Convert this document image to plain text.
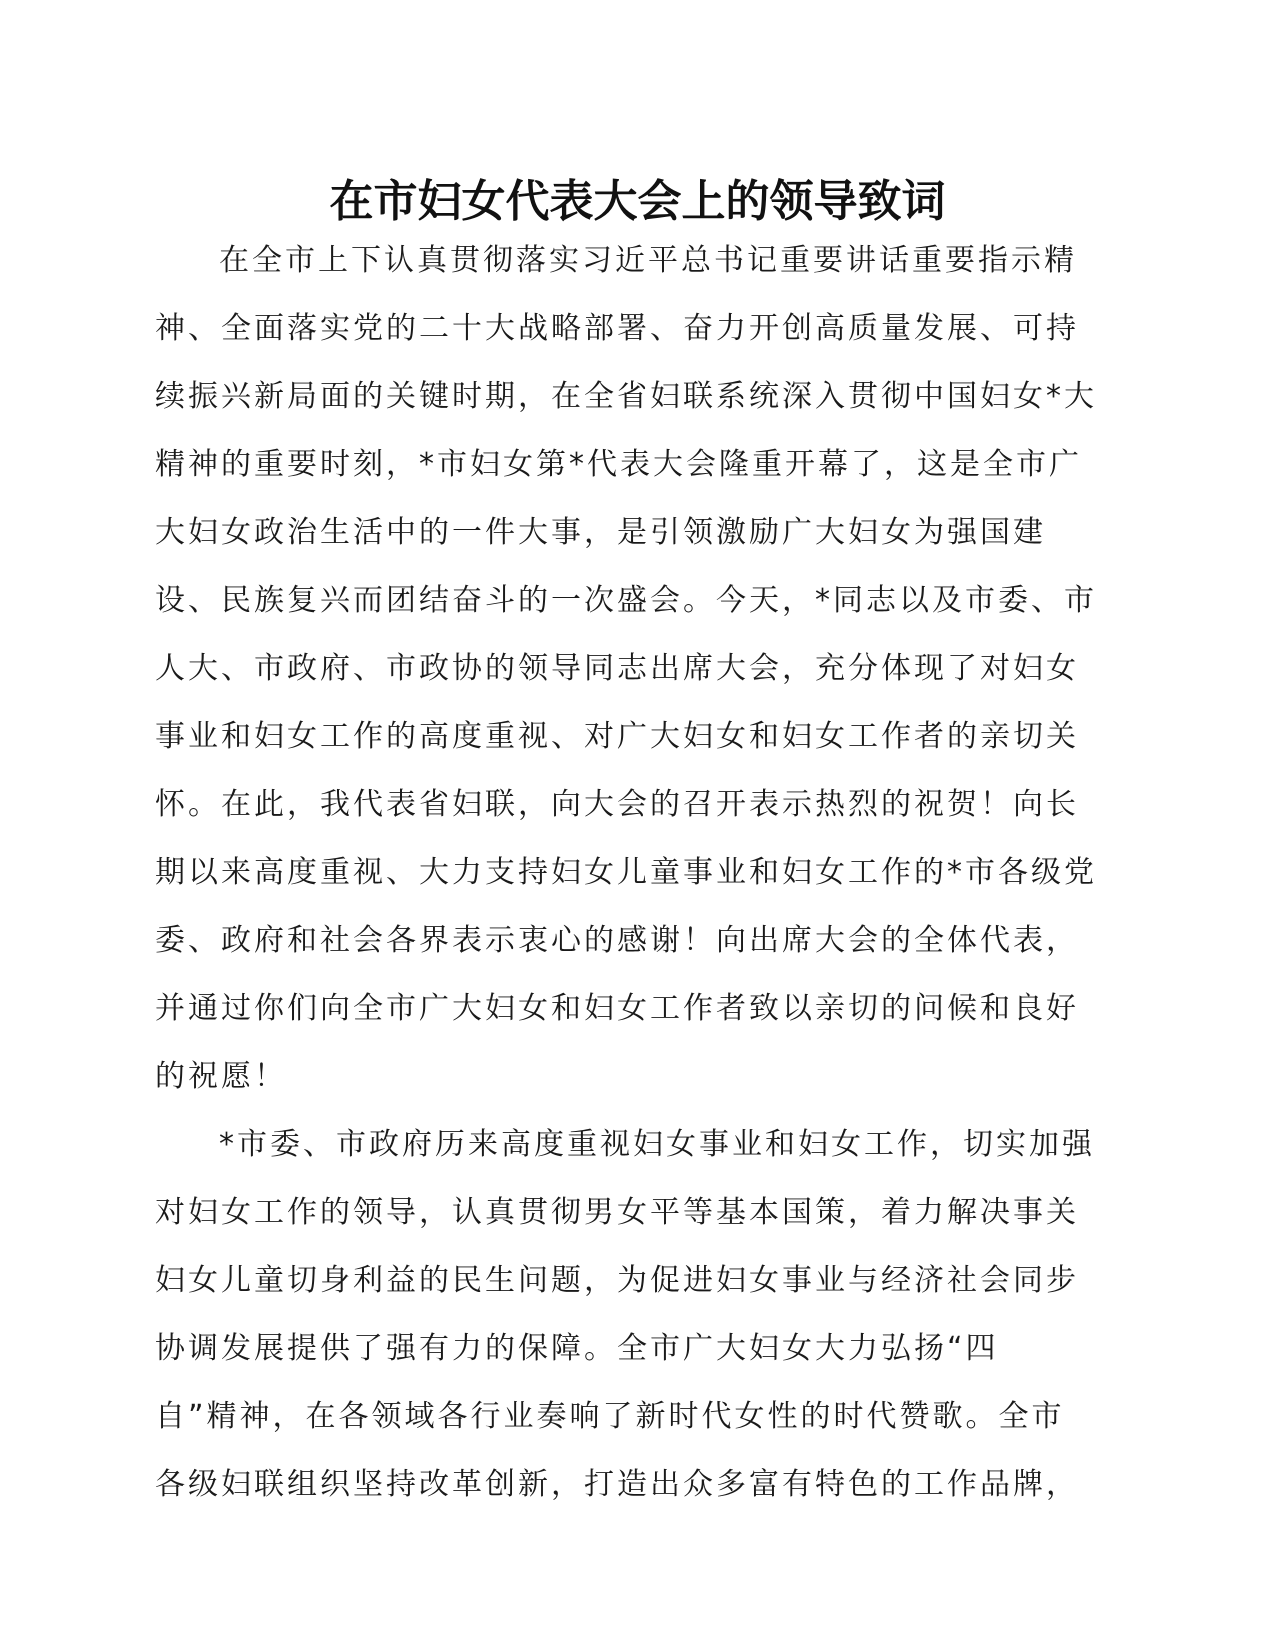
在市妇女代表大会上的领导致词
在全市上下认真贯彻落实习近平总书记重要讲话重要指示精
神、全面落实党的二十大战略部署、奋力开创高质量发展、可持
续振兴新局面的关键时期，在全省妇联系统深入贯彻中国妇女*大
精神的重要时刻，*市妇女第*代表大会隆重开幕了，这是全市广
大妇女政治生活中的一件大事，是引领激励广大妇女为强国建
设、民族复兴而团结奋斗的一次盛会。今天，*同志以及市委、市
人大、市政府、市政协的领导同志出席大会，充分体现了对妇女
事业和妇女工作的高度重视、对广大妇女和妇女工作者的亲切关
怀。在此，我代表省妇联，向大会的召开表示热烈的祝贺！向长
期以来高度重视、大力支持妇女儿童事业和妇女工作的*市各级党
委、政府和社会各界表示衷心的感谢！向出席大会的全体代表，
并通过你们向全市广大妇女和妇女工作者致以亲切的问候和良好
的祝愿！
*市委、市政府历来高度重视妇女事业和妇女工作，切实加强
对妇女工作的领导，认真贯彻男女平等基本国策，着力解决事关
妇女儿童切身利益的民生问题，为促进妇女事业与经济社会同步
协调发展提供了强有力的保障。全市广大妇女大力弘扬“四
自”精神，在各领域各行业奏响了新时代女性的时代赞歌。全市
各级妇联组织坚持改革创新，打造出众多富有特色的工作品牌，
